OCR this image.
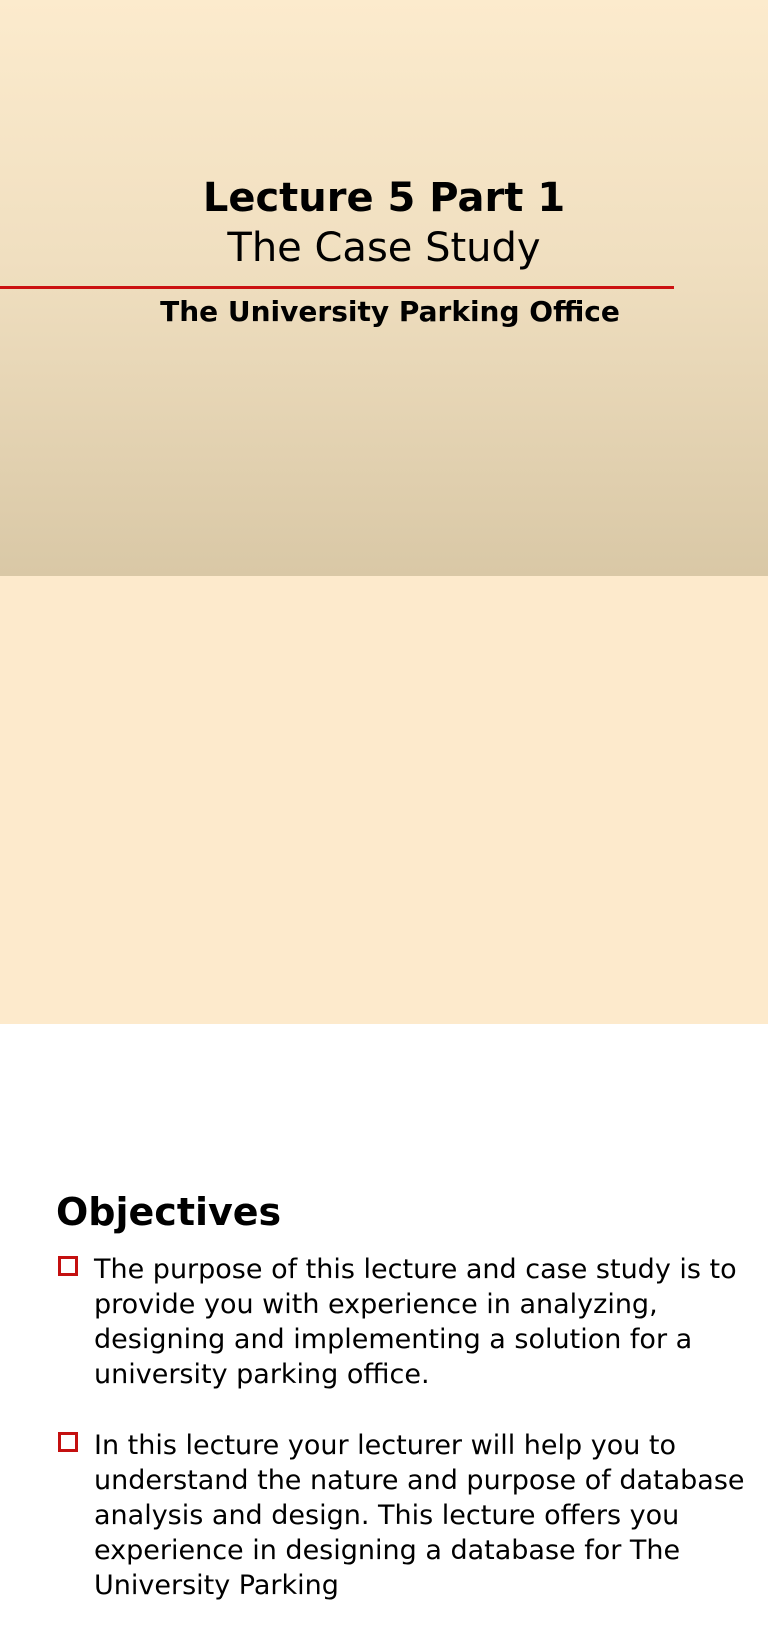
Lecture 5 Part 1
The Case Study
The University Parking Office
Objectives
The purpose of this lecture and case study is to provide you with experience in analyzing, designing and implementing a solution for a university parking office.
In this lecture your lecturer will help you to understand the nature and purpose of database analysis and design. This lecture offers you experience in designing a database for The University Parking
